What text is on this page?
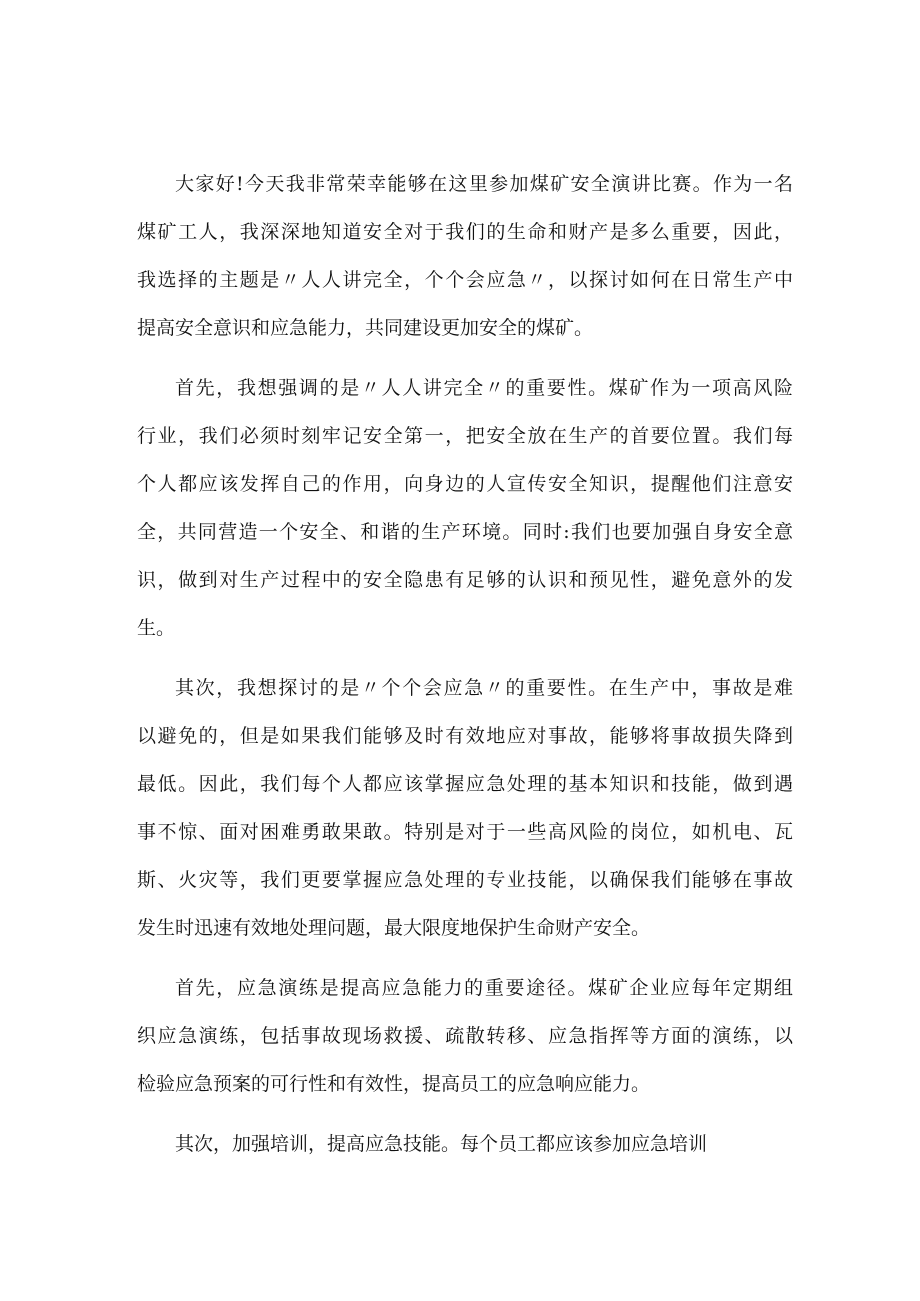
大家好!今天我非常荣幸能够在这里参加煤矿安全演讲比赛。作为一名
煤矿工人，我深深地知道安全对于我们的生命和财产是多么重要，因此，
我选择的主题是〃人人讲完全，个个会应急〃，以探讨如何在日常生产中
提高安全意识和应急能力，共同建设更加安全的煤矿。

首先，我想强调的是〃人人讲完全〃的重要性。煤矿作为一项高风险
行业，我们必须时刻牢记安全第一，把安全放在生产的首要位置。我们每
个人都应该发挥自己的作用，向身边的人宣传安全知识，提醒他们注意安
全，共同营造一个安全、和谐的生产环境。同时:我们也要加强自身安全意
识，做到对生产过程中的安全隐患有足够的认识和预见性，避免意外的发
生。

其次，我想探讨的是〃个个会应急〃的重要性。在生产中，事故是难
以避免的，但是如果我们能够及时有效地应对事故，能够将事故损失降到
最低。因此，我们每个人都应该掌握应急处理的基本知识和技能，做到遇
事不惊、面对困难勇敢果敢。特别是对于一些高风险的岗位，如机电、瓦
斯、火灾等，我们更要掌握应急处理的专业技能，以确保我们能够在事故
发生时迅速有效地处理问题，最大限度地保护生命财产安全。

首先，应急演练是提高应急能力的重要途径。煤矿企业应每年定期组
织应急演练，包括事故现场救援、疏散转移、应急指挥等方面的演练，以
检验应急预案的可行性和有效性，提高员工的应急响应能力。

其次，加强培训，提高应急技能。每个员工都应该参加应急培训
